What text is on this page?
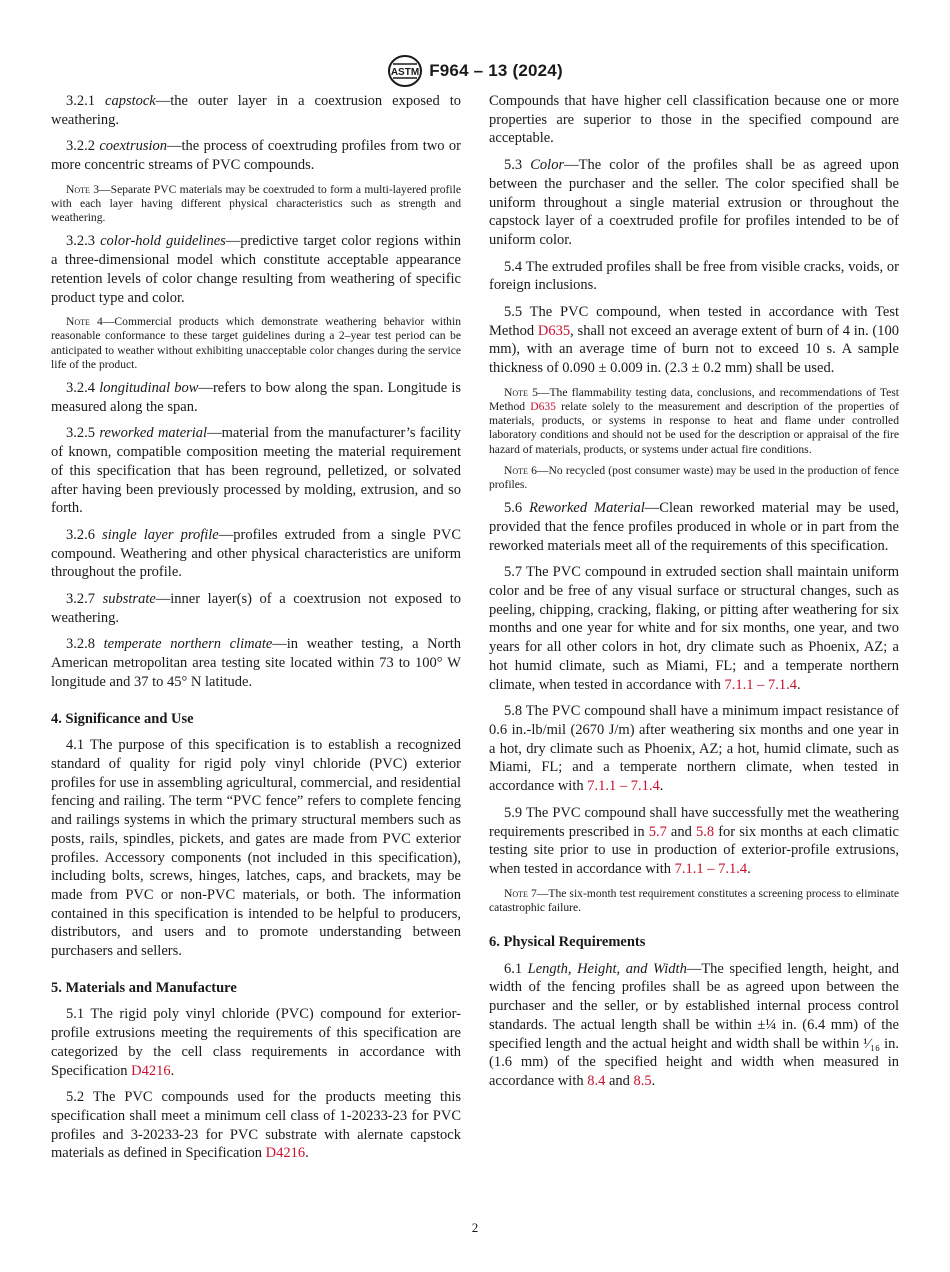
ASTM F964 – 13 (2024)

3.2.1 capstock—the outer layer in a coextrusion exposed to weathering.

3.2.2 coextrusion—the process of coextruding profiles from two or more concentric streams of PVC compounds.

Note 3—Separate PVC materials may be coextruded to form a multi-layered profile with each layer having different physical characteristics such as strength and weathering.

3.2.3 color-hold guidelines—predictive target color regions within a three-dimensional model which constitute acceptable appearance retention levels of color change resulting from weathering of specific product type and color.

Note 4—Commercial products which demonstrate weathering behavior within reasonable conformance to these target guidelines during a 2–year test period can be anticipated to weather without exhibiting unacceptable color changes during the service life of the product.

3.2.4 longitudinal bow—refers to bow along the span. Longitude is measured along the span.

3.2.5 reworked material—material from the manufacturer’s facility of known, compatible composition meeting the material requirement of this specification that has been reground, pelletized, or solvated after having been previously processed by molding, extrusion, and so forth.

3.2.6 single layer profile—profiles extruded from a single PVC compound. Weathering and other physical characteristics are uniform throughout the profile.

3.2.7 substrate—inner layer(s) of a coextrusion not exposed to weathering.

3.2.8 temperate northern climate—in weather testing, a North American metropolitan area testing site located within 73 to 100° W longitude and 37 to 45° N latitude.

4. Significance and Use

4.1 The purpose of this specification is to establish a recognized standard of quality for rigid poly vinyl chloride (PVC) exterior profiles for use in assembling agricultural, commercial, and residential fencing and railing. The term “PVC fence” refers to complete fencing and railings systems in which the primary structural members such as posts, rails, spindles, pickets, and gates are made from PVC exterior profiles. Accessory components (not included in this specification), including bolts, screws, hinges, latches, caps, and brackets, may be made from PVC or non-PVC materials, or both. The information contained in this specification is intended to be helpful to producers, distributors, and users and to promote understanding between purchasers and sellers.

5. Materials and Manufacture

5.1 The rigid poly vinyl chloride (PVC) compound for exterior-profile extrusions meeting the requirements of this specification are categorized by the cell class requirements in accordance with Specification D4216.

5.2 The PVC compounds used for the products meeting this specification shall meet a minimum cell class of 1-20233-23 for PVC profiles and 3-20233-23 for PVC substrate with alernate capstock materials as defined in Specification D4216.

Compounds that have higher cell classification because one or more properties are superior to those in the specified compound are acceptable.

5.3 Color—The color of the profiles shall be as agreed upon between the purchaser and the seller. The color specified shall be uniform throughout a single material extrusion or throughout the capstock layer of a coextruded profile for profiles intended to be of uniform color.

5.4 The extruded profiles shall be free from visible cracks, voids, or foreign inclusions.

5.5 The PVC compound, when tested in accordance with Test Method D635, shall not exceed an average extent of burn of 4 in. (100 mm), with an average time of burn not to exceed 10 s. A sample thickness of 0.090 ± 0.009 in. (2.3 ± 0.2 mm) shall be used.

Note 5—The flammability testing data, conclusions, and recommendations of Test Method D635 relate solely to the measurement and description of the properties of materials, products, or systems in response to heat and flame under controlled laboratory conditions and should not be used for the description or appraisal of the fire hazard of materials, products, or systems under actual fire conditions.

Note 6—No recycled (post consumer waste) may be used in the production of fence profiles.

5.6 Reworked Material—Clean reworked material may be used, provided that the fence profiles produced in whole or in part from the reworked materials meet all of the requirements of this specification.

5.7 The PVC compound in extruded section shall maintain uniform color and be free of any visual surface or structural changes, such as peeling, chipping, cracking, flaking, or pitting after weathering for six months and one year for white and for six months, one year, and two years for all other colors in hot, dry climate such as Phoenix, AZ; a hot humid climate, such as Miami, FL; and a temperate northern climate, when tested in accordance with 7.1.1 – 7.1.4.

5.8 The PVC compound shall have a minimum impact resistance of 0.6 in.-lb/mil (2670 J/m) after weathering six months and one year in a hot, dry climate such as Phoenix, AZ; a hot, humid climate, such as Miami, FL; and a temperate northern climate, when tested in accordance with 7.1.1 – 7.1.4.

5.9 The PVC compound shall have successfully met the weathering requirements prescribed in 5.7 and 5.8 for six months at each climatic testing site prior to use in production of exterior-profile extrusions, when tested in accordance with 7.1.1 – 7.1.4.

Note 7—The six-month test requirement constitutes a screening process to eliminate catastrophic failure.

6. Physical Requirements

6.1 Length, Height, and Width—The specified length, height, and width of the fencing profiles shall be as agreed upon between the purchaser and the seller, or by established internal process control standards. The actual length shall be within ±¼ in. (6.4 mm) of the specified length and the actual height and width shall be within ¹⁄₁₆ in. (1.6 mm) of the specified height and width when measured in accordance with 8.4 and 8.5.

2
